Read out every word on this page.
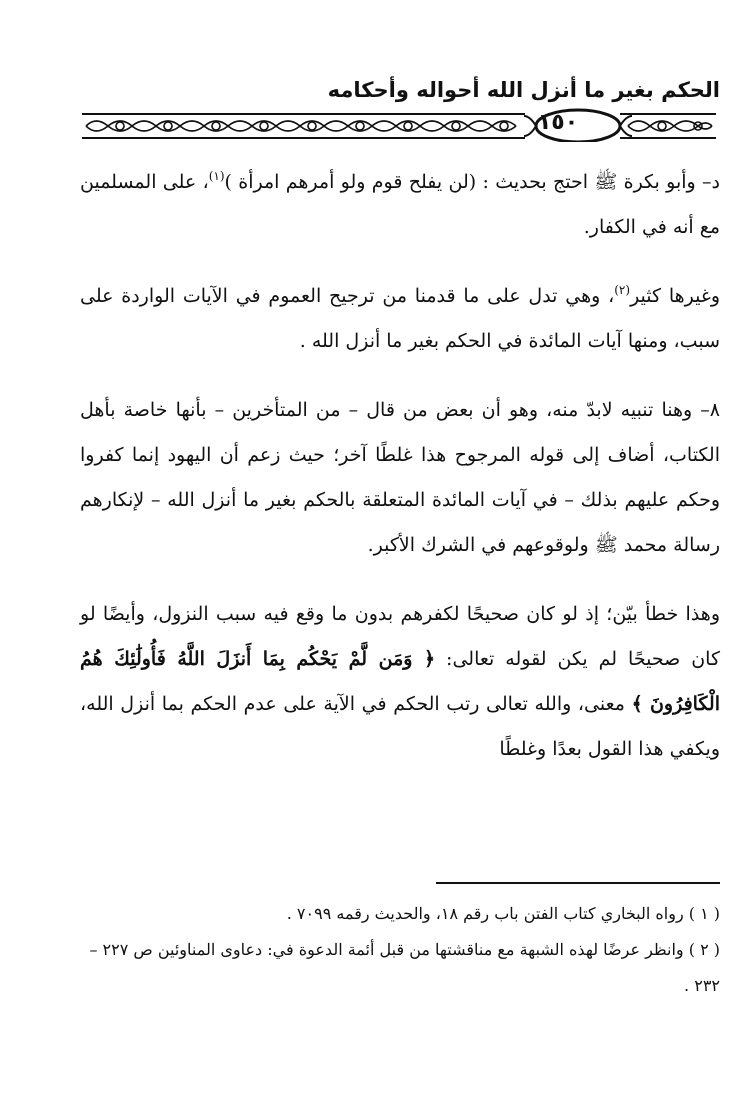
الحكم بغير ما أنزل الله أحواله وأحكامه
١٥٠

د– وأبو بكرة ﷺ احتج بحديث : (لن يفلح قوم ولو أمرهم امرأة )$^{(١)}$، على المسلمين مع أنه في الكفار.

وغيرها كثير$^{(٢)}$، وهي تدل على ما قدمنا من ترجيح العموم في الآيات الواردة على سبب، ومنها آيات المائدة في الحكم بغير ما أنزل الله .

٨– وهنا تنبيه لابدّ منه، وهو أن بعض من قال – من المتأخرين – بأنها خاصة بأهل الكتاب، أضاف إلى قوله المرجوح هذا غلطًا آخر؛ حيث زعم أن اليهود إنما كفروا وحكم عليهم بذلك – في آيات المائدة المتعلقة بالحكم بغير ما أنزل الله – لإنكارهم رسالة محمد ﷺ ولوقوعهم في الشرك الأكبر.

وهذا خطأ بيّن؛ إذ لو كان صحيحًا لكفرهم بدون ما وقع فيه سبب النزول، وأيضًا لو كان صحيحًا لم يكن لقوله تعالى: ﴿ وَمَن لَّمْ يَحْكُم بِمَا أَنزَلَ اللَّهُ فَأُولَٰئِكَ هُمُ الْكَافِرُونَ ﴾ معنى، والله تعالى رتب الحكم في الآية على عدم الحكم بما أنزل الله، ويكفي هذا القول بعدًا وغلطًا

( ١ ) رواه البخاري كتاب الفتن باب رقم ١٨، والحديث رقمه ٧٠٩٩ .

( ٢ ) وانظر عرضًا لهذه الشبهة مع مناقشتها من قبل أئمة الدعوة في: دعاوى المناوئين ص ٢٢٧ – ٢٣٢ .
